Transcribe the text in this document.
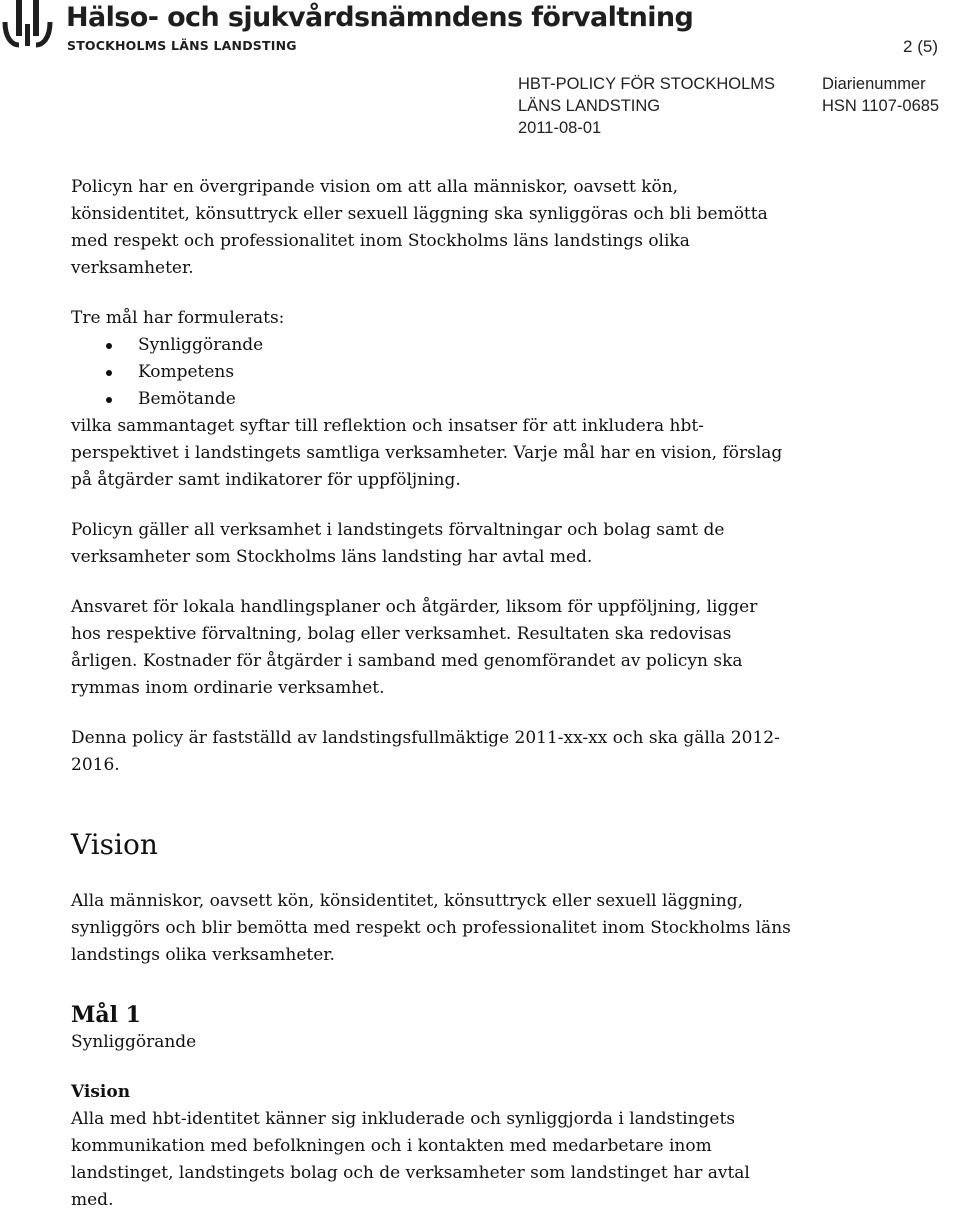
Hälso- och sjukvårdsnämndens förvaltning
STOCKHOLMS LÄNS LANDSTING	2 (5)
HBT-POLICY FÖR STOCKHOLMS
LÄNS LANDSTING
2011-08-01
Diarienummer
HSN 1107-0685

Policyn har en övergripande vision om att alla människor, oavsett kön, könsidentitet, könsuttryck eller sexuell läggning ska synliggöras och bli bemötta med respekt och professionalitet inom Stockholms läns landstings olika verksamheter.

Tre mål har formulerats:

Synliggörande
Kompetens
Bemötande

vilka sammantaget syftar till reflektion och insatser för att inkludera hbt-perspektivet i landstingets samtliga verksamheter. Varje mål har en vision, förslag på åtgärder samt indikatorer för uppföljning.

Policyn gäller all verksamhet i landstingets förvaltningar och bolag samt de verksamheter som Stockholms läns landsting har avtal med.

Ansvaret för lokala handlingsplaner och åtgärder, liksom för uppföljning, ligger hos respektive förvaltning, bolag eller verksamhet. Resultaten ska redovisas årligen. Kostnader för åtgärder i samband med genomförandet av policyn ska rymmas inom ordinarie verksamhet.

Denna policy är fastställd av landstingsfullmäktige 2011-xx-xx och ska gälla 2012-2016.

Vision

Alla människor, oavsett kön, könsidentitet, könsuttryck eller sexuell läggning, synliggörs och blir bemötta med respekt och professionalitet inom Stockholms läns landstings olika verksamheter.

Mål 1

Synliggörande

Vision

Alla med hbt-identitet känner sig inkluderade och synliggjorda i landstingets kommunikation med befolkningen och i kontakten med medarbetare inom landstinget, landstingets bolag och de verksamheter som landstinget har avtal med.
